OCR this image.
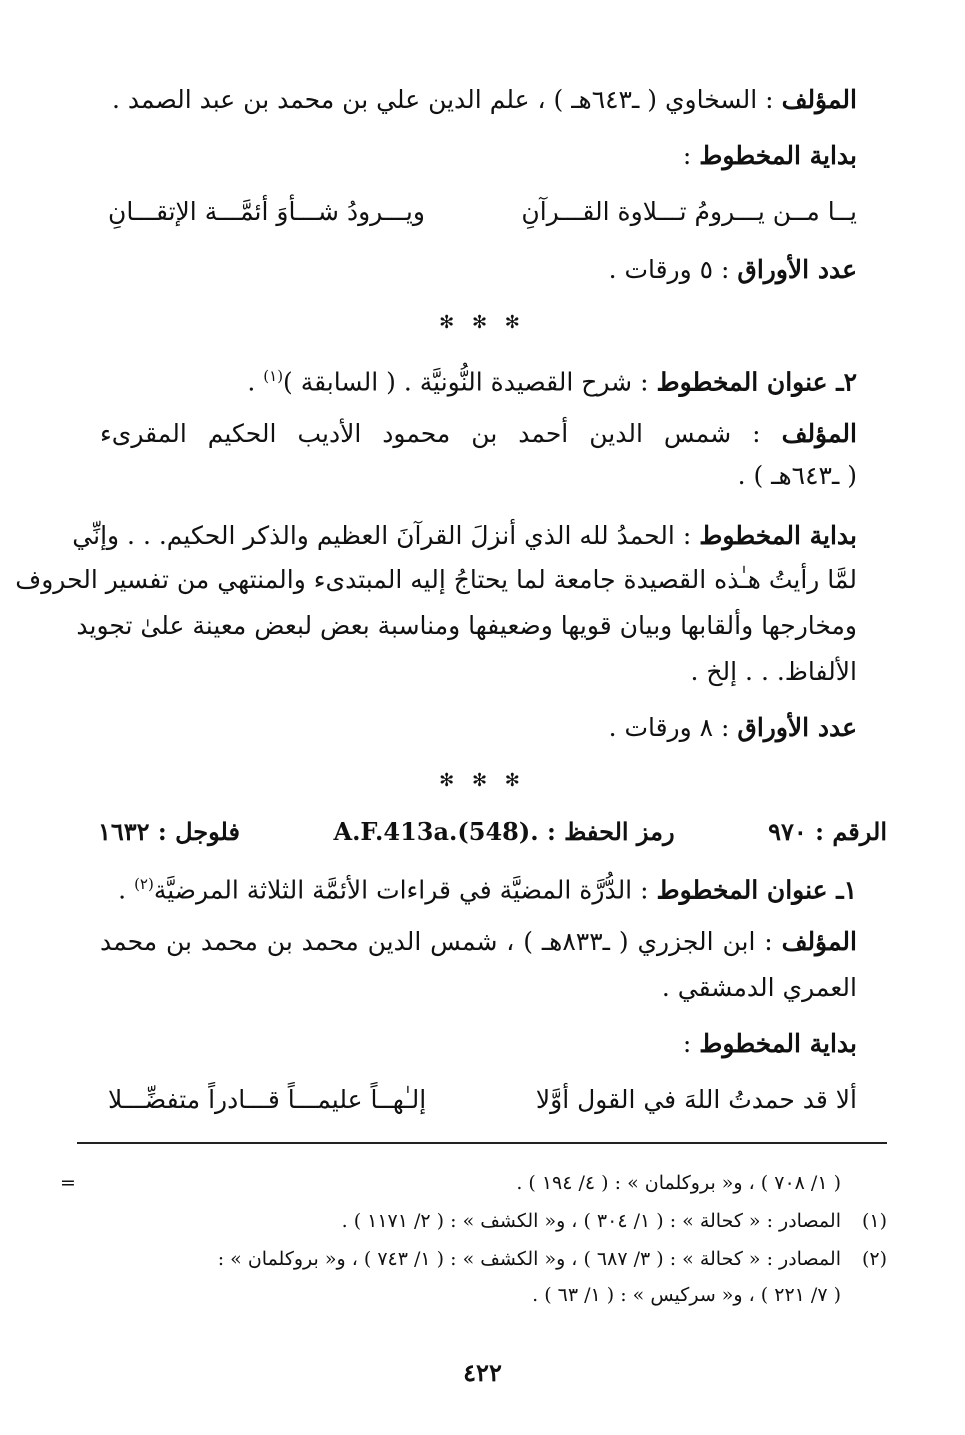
المؤلف : السخاوي ( ـ٦٤٣هـ ) ، علم الدين علي بن محمد بن عبد الصمد .
بداية المخطوط :
يــا مــن يـــرومُ تـــلاوة القـــرآنِ
ويـــرودُ شـــأوَ أئمَّـــة الإتقـــانِ
عدد الأوراق : ٥ ورقات .
✻ ✻ ✻
٢ـ عنوان المخطوط : شرح القصيدة النُّونيَّة . ( السابقة )$^{(١)}$ .
المؤلف : شمس الدين أحمد بن محمود الأديب الحكيم المقرىء
( ـ٦٤٣هـ ) .
بداية المخطوط : الحمدُ لله الذي أنزلَ القرآنَ العظيم والذكر الحكيم. . . وإنِّي
لمَّا رأيتُ هـٰذه القصيدة جامعة لما يحتاجُ إليه المبتدىء والمنتهي من تفسير الحروف
ومخارجها وألقابها وبيان قويها وضعيفها ومناسبة بعض لبعض معينة علىٰ تجويد
الألفاظ. . . إلخ .
عدد الأوراق : ٨ ورقات .
✻ ✻ ✻
الرقم : ٩٧٠
رمز الحفظ : A.F.413a.(548).
فلوجل : ١٦٣٢
١ـ عنوان المخطوط : الدُّرَّة المضيَّة في قراءات الأئمَّة الثلاثة المرضيَّة$^{(٢)}$ .
المؤلف : ابن الجزري ( ـ٨٣٣هـ ) ، شمس الدين محمد بن محمد بن محمد
العمري الدمشقي .
بداية المخطوط :
ألا قد حمدتُ اللهَ في القول أوَّلا
إلـٰهــاً عليمـــاً قـــادراً متفضِّـــلا
=	( ١/ ٧٠٨ ) ، و« بروكلمان » : ( ٤/ ١٩٤ ) .
(١)المصادر : « كحالة » : ( ١/ ٣٠٤ ) ، و« الكشف » : ( ٢/ ١١٧١ ) .
(٢)المصادر : « كحالة » : ( ٣/ ٦٨٧ ) ، و« الكشف » : ( ١/ ٧٤٣ ) ، و« بروكلمان » :
( ٧/ ٢٢١ ) ، و« سركيس » : ( ١/ ٦٣ ) .
٤٢٢
